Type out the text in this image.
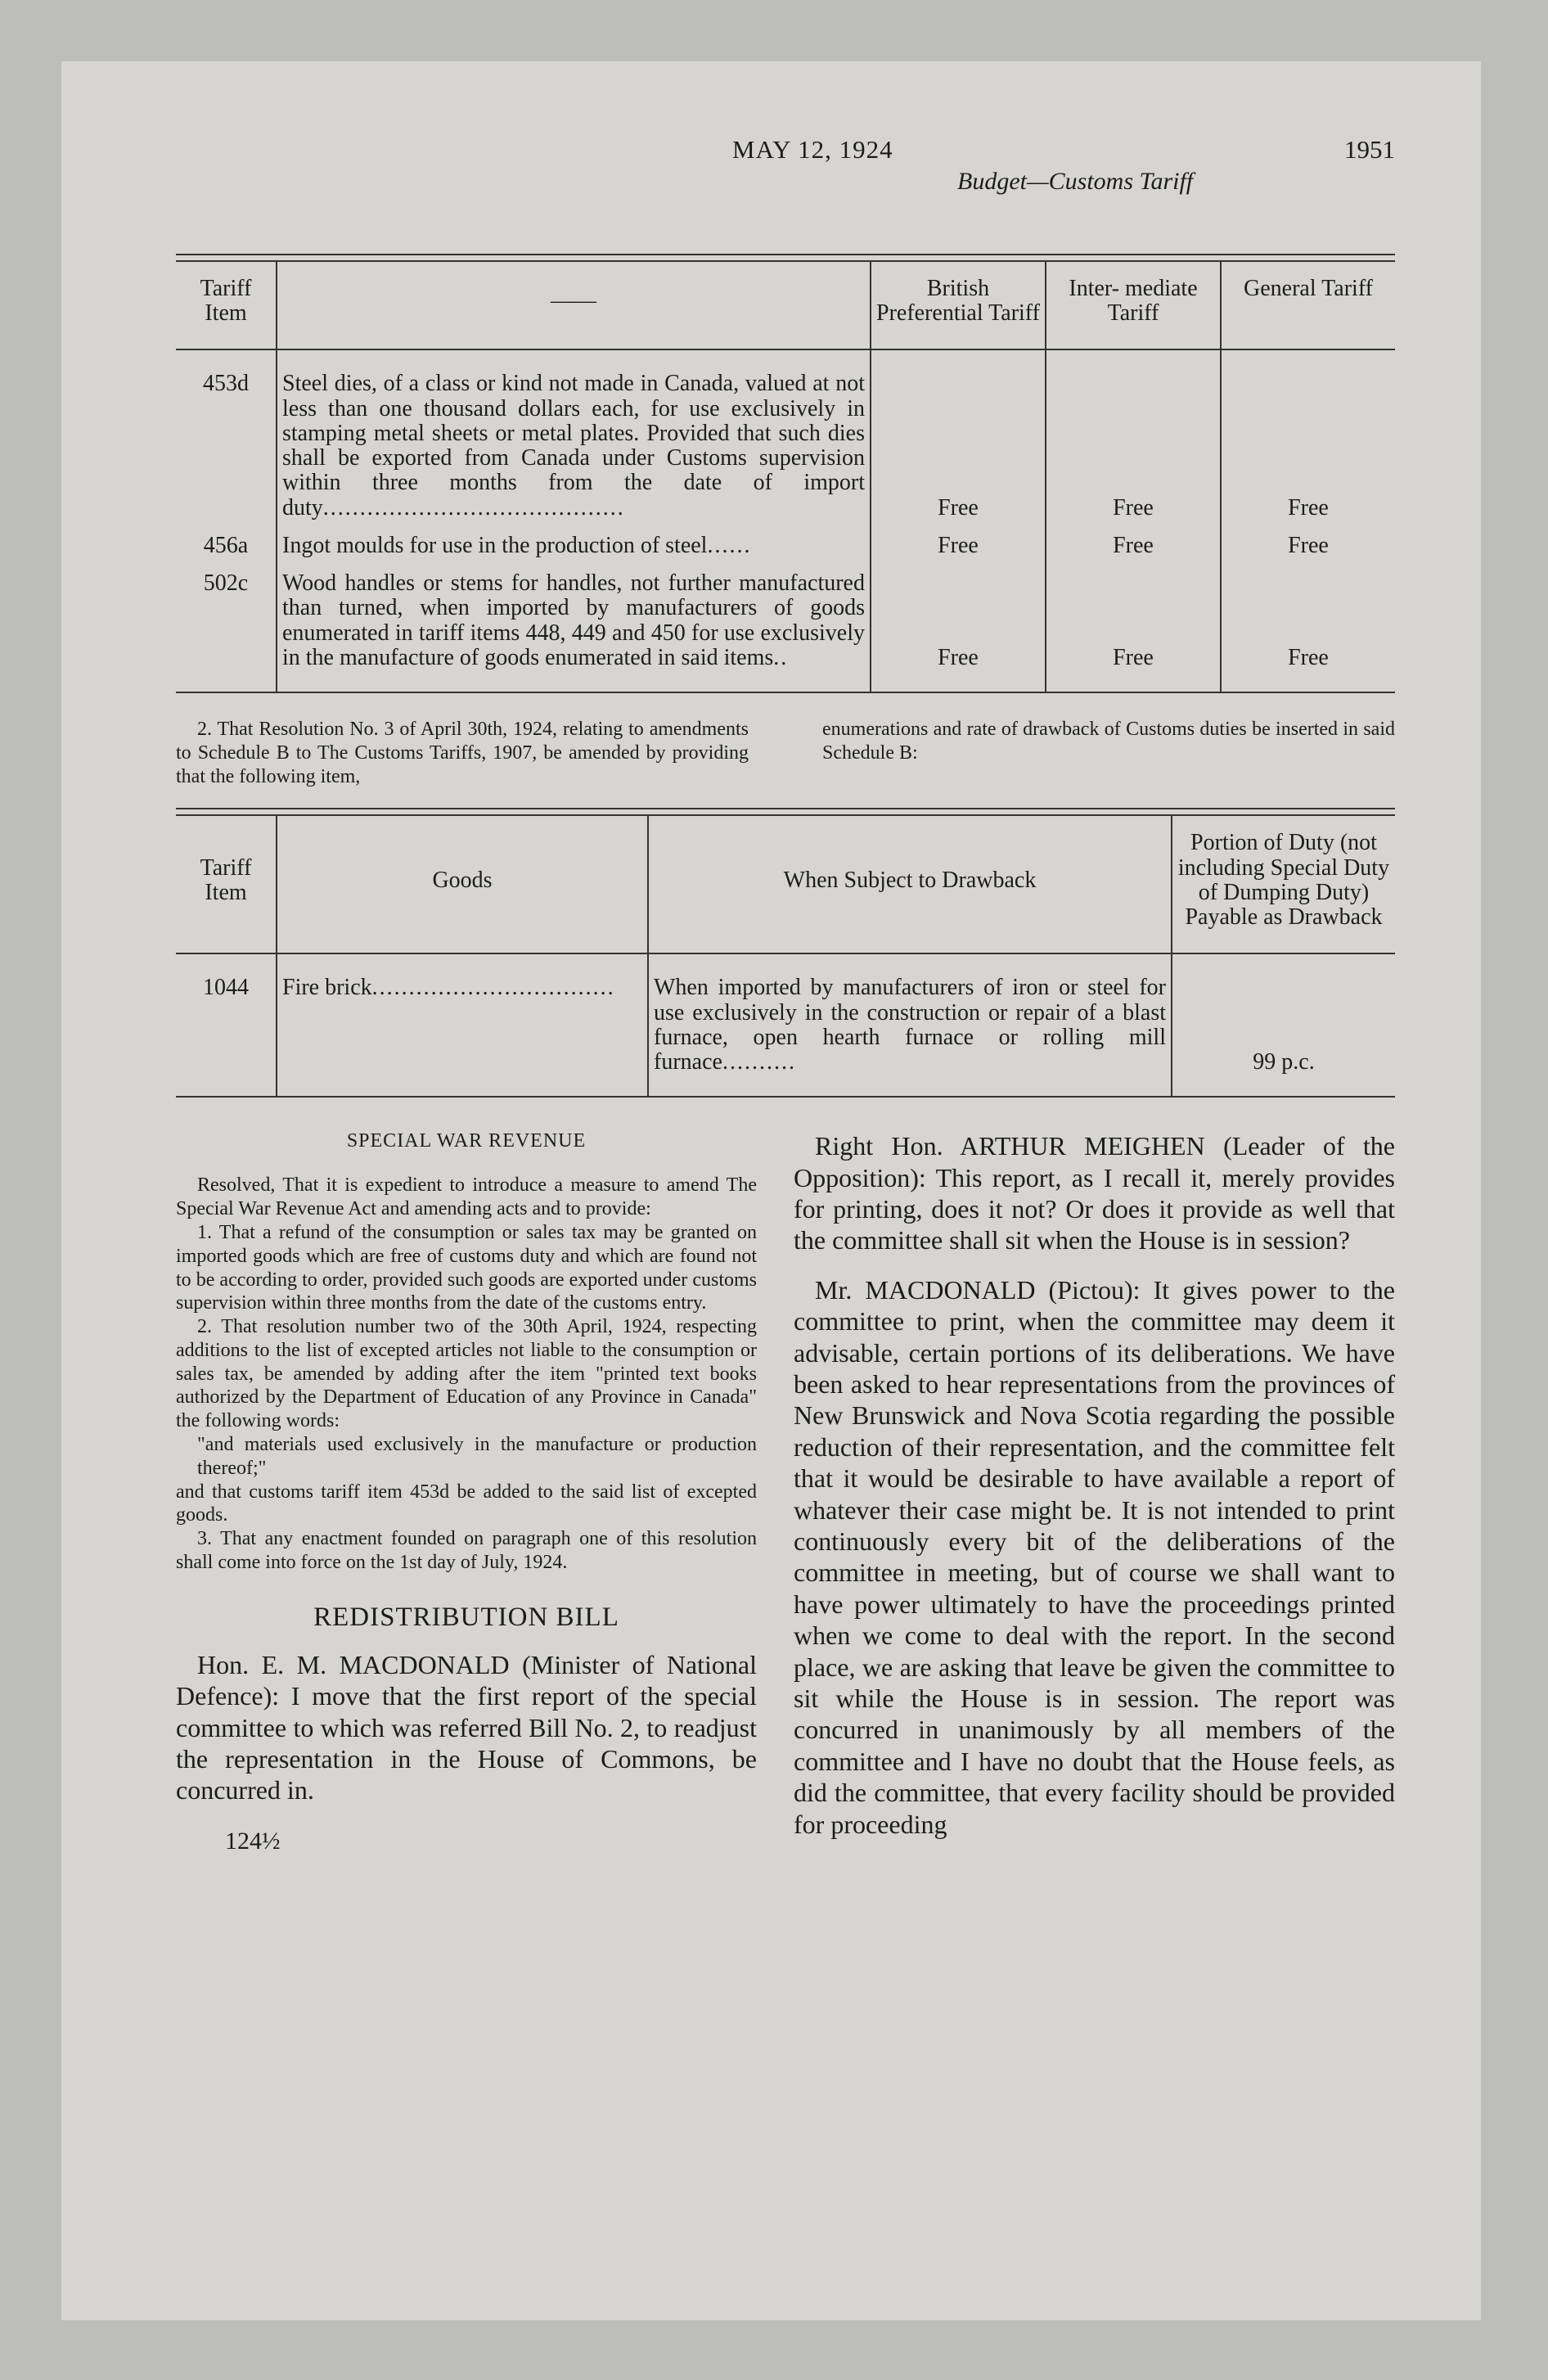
MAY 12, 1924	1951
Budget—Customs Tariff
Tariff Item	——	British Preferential Tariff	Inter- mediate Tariff	General Tariff
453d	Steel dies, of a class or kind not made in Canada, valued at not less than one thousand dollars each, for use exclusively in stamping metal sheets or metal plates. Provided that such dies shall be exported from Canada under Customs supervision within three months from the date of import duty.........................................	Free	Free	Free
456a	Ingot moulds for use in the production of steel......	Free	Free	Free
502c	Wood handles or stems for handles, not further manufactured than turned, when imported by manufacturers of goods enumerated in tariff items 448, 449 and 450 for use exclusively in the manufacture of goods enumerated in said items..	Free	Free	Free

2. That Resolution No. 3 of April 30th, 1924, relating to amendments to Schedule B to The Customs Tariffs, 1907, be amended by providing that the following item,

enumerations and rate of drawback of Customs duties be inserted in said Schedule B:

Tariff Item	Goods	When Subject to Drawback	Portion of Duty (not including Special Duty of Dumping Duty) Payable as Drawback
1044	Fire brick.................................	When imported by manufacturers of iron or steel for use exclusively in the construction or repair of a blast furnace, open hearth furnace or rolling mill furnace..........	99 p.c.
SPECIAL WAR REVENUE

Resolved, That it is expedient to introduce a measure to amend The Special War Revenue Act and amending acts and to provide:

1. That a refund of the consumption or sales tax may be granted on imported goods which are free of customs duty and which are found not to be according to order, provided such goods are exported under customs supervision within three months from the date of the customs entry.

2. That resolution number two of the 30th April, 1924, respecting additions to the list of excepted articles not liable to the consumption or sales tax, be amended by adding after the item "printed text books authorized by the Department of Education of any Province in Canada" the following words:

"and materials used exclusively in the manufacture or production thereof;"

and that customs tariff item 453d be added to the said list of excepted goods.

3. That any enactment founded on paragraph one of this resolution shall come into force on the 1st day of July, 1924.

REDISTRIBUTION BILL

Hon. E. M. MACDONALD (Minister of National Defence): I move that the first report of the special committee to which was referred Bill No. 2, to readjust the representation in the House of Commons, be concurred in.

124½

Right Hon. ARTHUR MEIGHEN (Leader of the Opposition): This report, as I recall it, merely provides for printing, does it not? Or does it provide as well that the committee shall sit when the House is in session?

Mr. MACDONALD (Pictou): It gives power to the committee to print, when the committee may deem it advisable, certain portions of its deliberations. We have been asked to hear representations from the provinces of New Brunswick and Nova Scotia regarding the possible reduction of their representation, and the committee felt that it would be desirable to have available a report of whatever their case might be. It is not intended to print continuously every bit of the deliberations of the committee in meeting, but of course we shall want to have power ultimately to have the proceedings printed when we come to deal with the report. In the second place, we are asking that leave be given the committee to sit while the House is in session. The report was concurred in unanimously by all members of the committee and I have no doubt that the House feels, as did the committee, that every facility should be provided for proceeding
